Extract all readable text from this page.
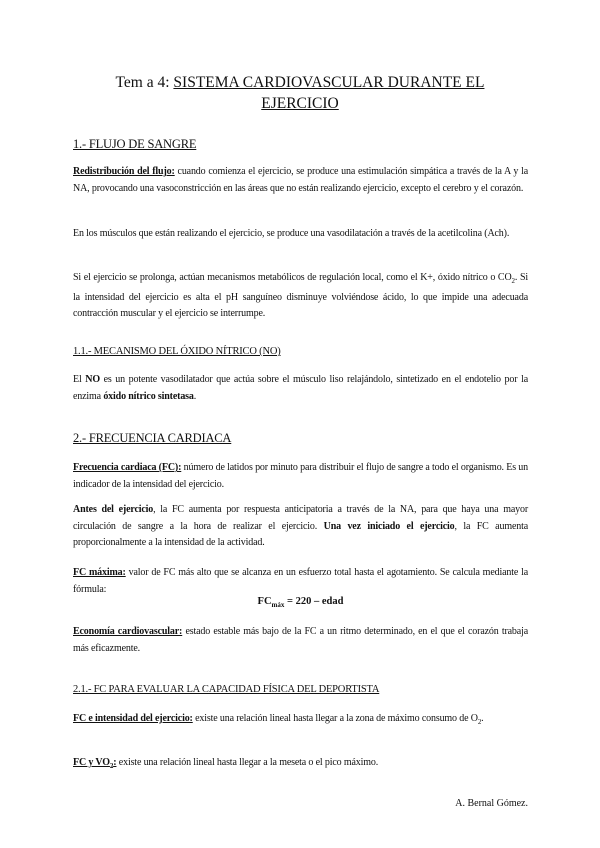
Tem a 4: SISTEMA CARDIOVASCULAR DURANTE EL
EJERCICIO
1.- FLUJO DE SANGRE
Redistribución del flujo: cuando comienza el ejercicio, se produce una estimulación simpática a través de la A y la NA, provocando una vasoconstricción en las áreas que no están realizando ejercicio, excepto el cerebro y el corazón.
En los músculos que están realizando el ejercicio, se produce una vasodilatación a través de la acetilcolina (Ach).
Si el ejercicio se prolonga, actúan mecanismos metabólicos de regulación local, como el K+, óxido nítrico o $CO_2$. Si la intensidad del ejercicio es alta el pH sanguíneo disminuye volviéndose ácido, lo que impide una adecuada contracción muscular y el ejercicio se interrumpe.
1.1.- MECANISMO DEL ÓXIDO NÍTRICO (NO)
El NO es un potente vasodilatador que actúa sobre el músculo liso relajándolo, sintetizado en el endotelio por la enzima óxido nítrico sintetasa.
2.- FRECUENCIA CARDIACA
Frecuencia cardiaca (FC): número de latidos por minuto para distribuir el flujo de sangre a todo el organismo. Es un indicador de la intensidad del ejercicio.
Antes del ejercicio, la FC aumenta por respuesta anticipatoria a través de la NA, para que haya una mayor circulación de sangre a la hora de realizar el ejercicio. Una vez iniciado el ejercicio, la FC aumenta proporcionalmente a la intensidad de la actividad.
FC máxima: valor de FC más alto que se alcanza en un esfuerzo total hasta el agotamiento. Se calcula mediante la fórmula:
$FC_{máx} = 220$ – edad
Economía cardiovascular: estado estable más bajo de la FC a un ritmo determinado, en el que el corazón trabaja más eficazmente.
2.1.- FC PARA EVALUAR LA CAPACIDAD FÍSICA DEL DEPORTISTA
FC e intensidad del ejercicio: existe una relación lineal hasta llegar a la zona de máximo consumo de $O_2$.
FC y $VO_2$: existe una relación lineal hasta llegar a la meseta o el pico máximo.
A. Bernal Gómez.
